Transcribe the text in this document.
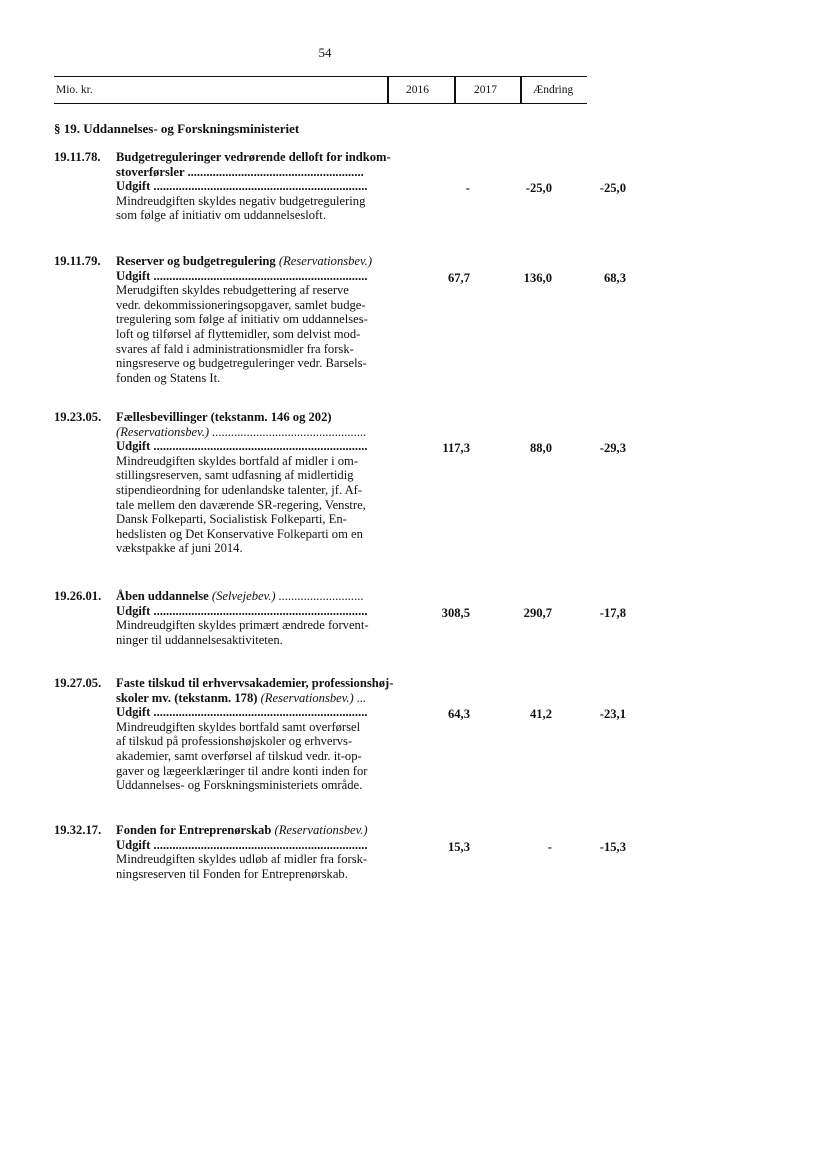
54
Mio. kr.	2016	2017	Ændring
§ 19. Uddannelses- og Forskningsministeriet
19.11.78. Budgetreguleringer vedrørende delloft for indkom-
stoverførsler ........................................................
Udgift ....................................................................
Mindreudgiften skyldes negativ budgetregulering
som følge af initiativ om uddannelsesloft.
-	-25,0	-25,0
19.11.79. Reserver og budgetregulering (Reservationsbev.)
Udgift ....................................................................
Merudgiften skyldes rebudgettering af reserve
vedr. dekommissioneringsopgaver, samlet budge-
tregulering som følge af initiativ om uddannelses-
loft og tilførsel af flyttemidler, som delvist mod-
svares af fald i administrationsmidler fra forsk-
ningsreserve og budgetreguleringer vedr. Barsels-
fonden og Statens It.
67,7	136,0	68,3
19.23.05. Fællesbevillinger (tekstanm. 146 og 202)
(Reservationsbev.) .................................................
Udgift ....................................................................
Mindreudgiften skyldes bortfald af midler i om-
stillingsreserven, samt udfasning af midlertidig
stipendieordning for udenlandske talenter, jf. Af-
tale mellem den daværende SR-regering, Venstre,
Dansk Folkeparti, Socialistisk Folkeparti, En-
hedslisten og Det Konservative Folkeparti om en
vækstpakke af juni 2014.
117,3	88,0	-29,3
19.26.01. Åben uddannelse (Selvejebev.) ...........................
Udgift ....................................................................
Mindreudgiften skyldes primært ændrede forvent-
ninger til uddannelsesaktiviteten.
308,5	290,7	-17,8
19.27.05. Faste tilskud til erhvervsakademier, professionshøj-
skoler mv. (tekstanm. 178) (Reservationsbev.) ...
Udgift ....................................................................
Mindreudgiften skyldes bortfald samt overførsel
af tilskud på professionshøjskoler og erhvervs-
akademier, samt overførsel af tilskud vedr. it-op-
gaver og lægeerklæringer til andre konti inden for
Uddannelses- og Forskningsministeriets område.
64,3	41,2	-23,1
19.32.17. Fonden for Entreprenørskab (Reservationsbev.)
Udgift ....................................................................
Mindreudgiften skyldes udløb af midler fra forsk-
ningsreserven til Fonden for Entreprenørskab.
15,3	-	-15,3
